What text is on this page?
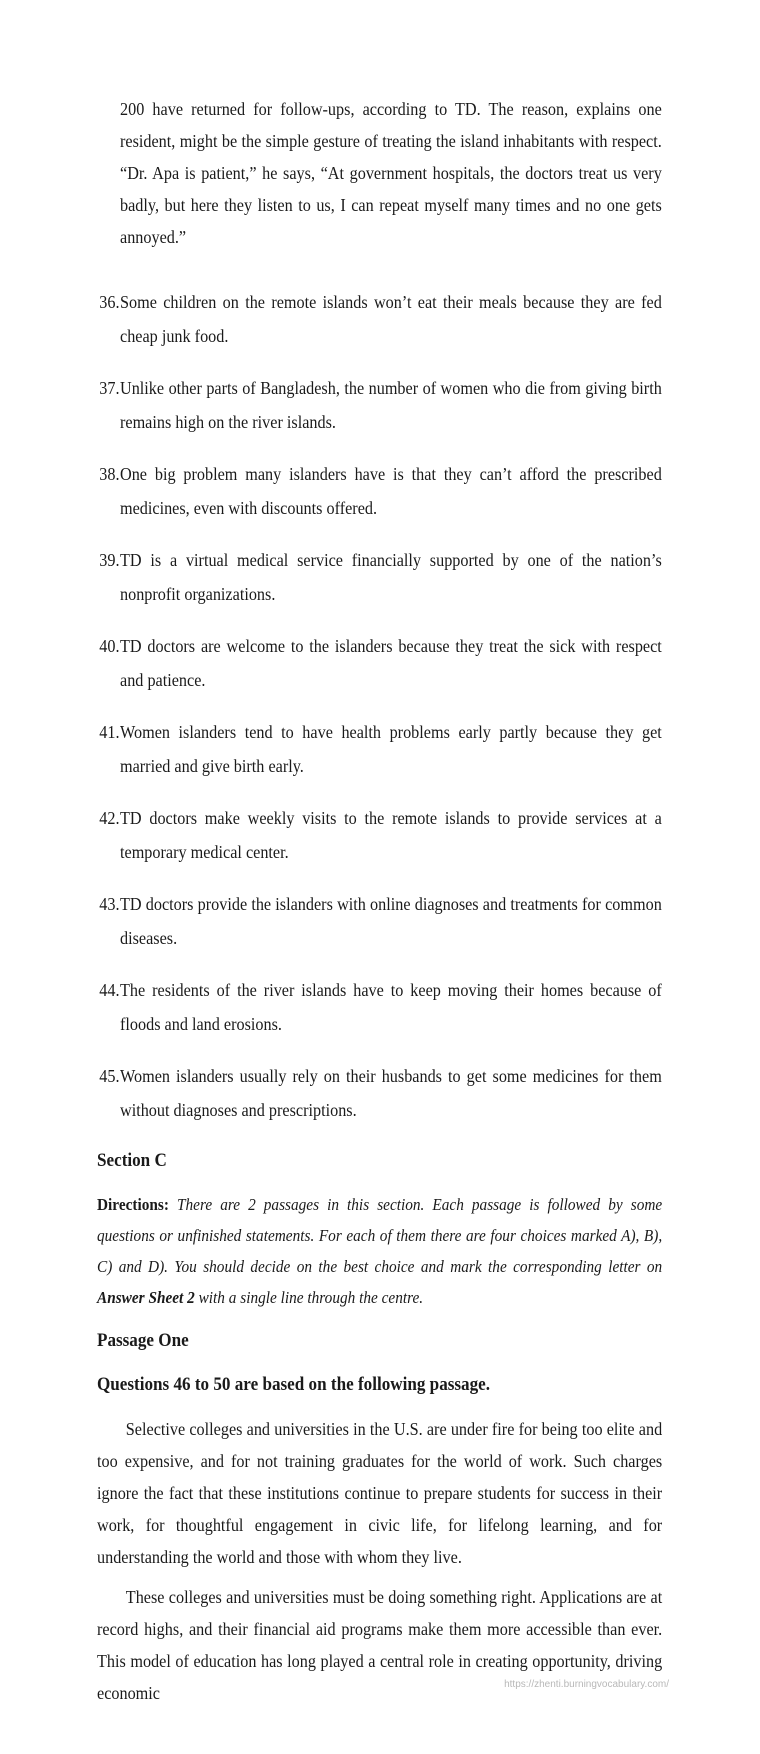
200 have returned for follow-ups, according to TD. The reason, explains one resident, might be the simple gesture of treating the island inhabitants with respect. “Dr. Apa is patient,” he says, “At government hospitals, the doctors treat us very badly, but here they listen to us, I can repeat myself many times and no one gets annoyed.”

36. Some children on the remote islands won’t eat their meals because they are fed cheap junk food.
37. Unlike other parts of Bangladesh, the number of women who die from giving birth remains high on the river islands.
38. One big problem many islanders have is that they can’t afford the prescribed medicines, even with discounts offered.
39. TD is a virtual medical service financially supported by one of the nation’s nonprofit organizations.
40. TD doctors are welcome to the islanders because they treat the sick with respect and patience.
41. Women islanders tend to have health problems early partly because they get married and give birth early.
42. TD doctors make weekly visits to the remote islands to provide services at a temporary medical center.
43. TD doctors provide the islanders with online diagnoses and treatments for common diseases.
44. The residents of the river islands have to keep moving their homes because of floods and land erosions.
45. Women islanders usually rely on their husbands to get some medicines for them without diagnoses and prescriptions.
Section C

Directions: There are 2 passages in this section. Each passage is followed by some questions or unfinished statements. For each of them there are four choices marked A), B), C) and D). You should decide on the best choice and mark the corresponding letter on Answer Sheet 2 with a single line through the centre.

Passage One
Questions 46 to 50 are based on the following passage.

Selective colleges and universities in the U.S. are under fire for being too elite and too expensive, and for not training graduates for the world of work. Such charges ignore the fact that these institutions continue to prepare students for success in their work, for thoughtful engagement in civic life, for lifelong learning, and for understanding the world and those with whom they live.

These colleges and universities must be doing something right. Applications are at record highs, and their financial aid programs make them more accessible than ever. This model of education has long played a central role in creating opportunity, driving economic	https://zhenti.burningvocabulary.com/
